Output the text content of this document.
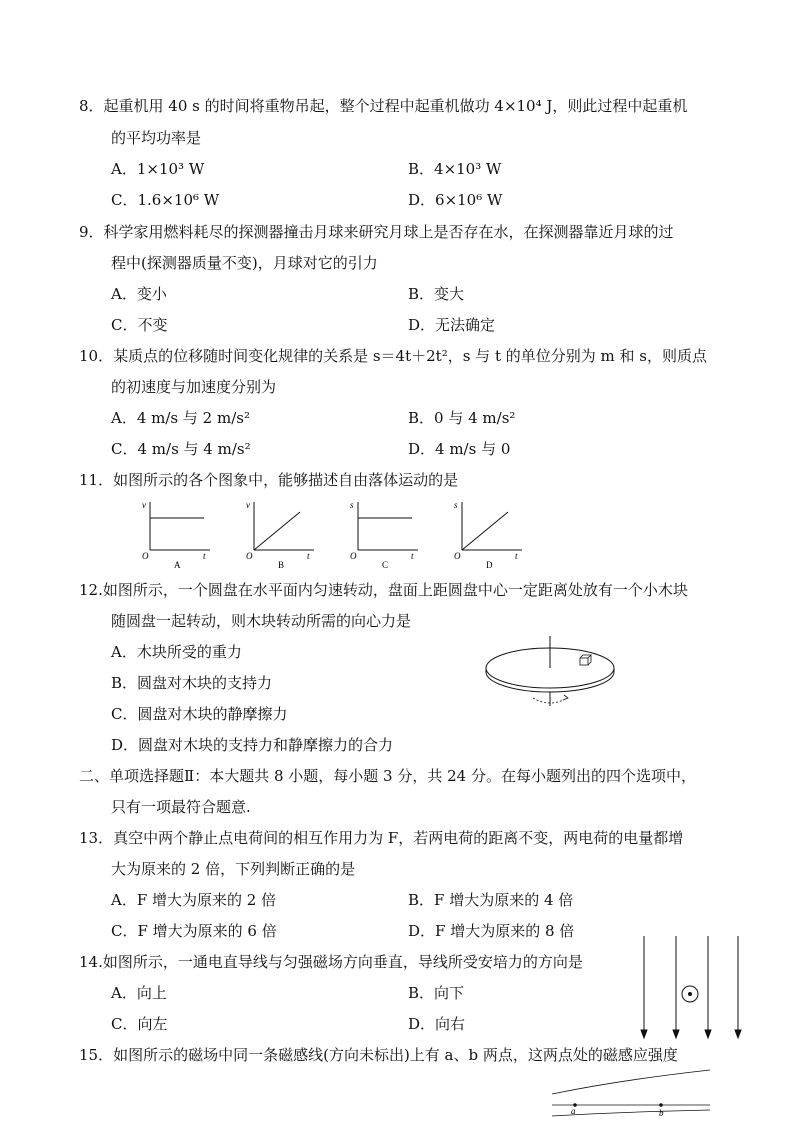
8．起重机用 40 s 的时间将重物吊起，整个过程中起重机做功 4×10⁴ J，则此过程中起重机
的平均功率是
A．1×10³ W	B．4×10³ W
C．1.6×10⁶ W	D．6×10⁶ W
9．科学家用燃料耗尽的探测器撞击月球来研究月球上是否存在水，在探测器靠近月球的过
程中(探测器质量不变)，月球对它的引力
A．变小	B．变大
C．不变	D．无法确定
10．某质点的位移随时间变化规律的关系是 s＝4t＋2t²，s 与 t 的单位分别为 m 和 s，则质点
的初速度与加速度分别为
A．4 m/s 与 2 m/s²	B．0 与 4 m/s²
C．4 m/s 与 4 m/s²	D．4 m/s 与 0
11．如图所示的各个图象中，能够描述自由落体运动的是
v
t
O
A
v
t
O
B
s
t
O
C
s
t
O
D
12.如图所示，一个圆盘在水平面内匀速转动，盘面上距圆盘中心一定距离处放有一个小木块
随圆盘一起转动，则木块转动所需的向心力是
A．木块所受的重力
B．圆盘对木块的支持力
C．圆盘对木块的静摩擦力
D．圆盘对木块的支持力和静摩擦力的合力
二、单项选择题Ⅱ：本大题共 8 小题，每小题 3 分，共 24 分。在每小题列出的四个选项中，
只有一项最符合题意.
13．真空中两个静止点电荷间的相互作用力为 F，若两电荷的距离不变，两电荷的电量都增
大为原来的 2 倍，下列判断正确的是
A．F 增大为原来的 2 倍	B．F 增大为原来的 4 倍
C．F 增大为原来的 6 倍	D．F 增大为原来的 8 倍
14.如图所示，一通电直导线与匀强磁场方向垂直，导线所受安培力的方向是
A．向上	B．向下
C．向左	D．向右
15．如图所示的磁场中同一条磁感线(方向未标出)上有 a、b 两点，这两点处的磁感应强度
a	b
